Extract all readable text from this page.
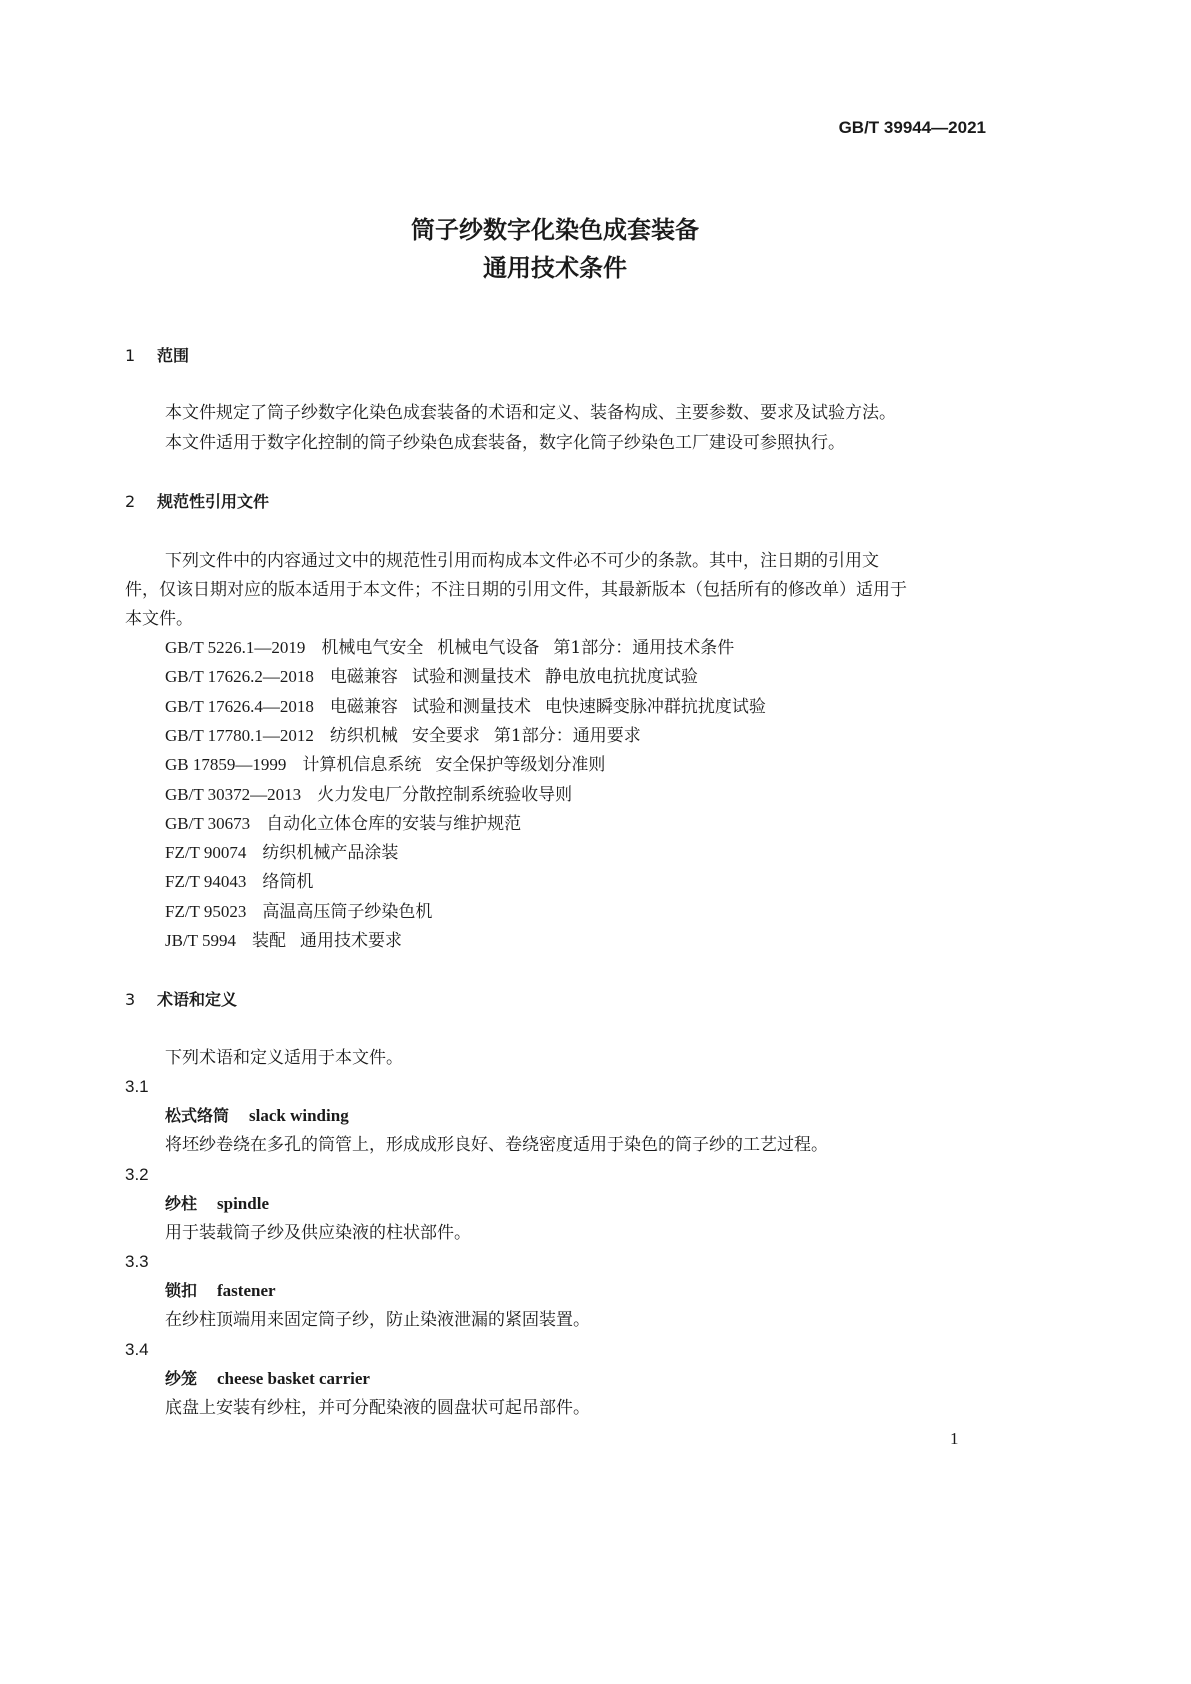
GB/T 39944—2021
筒子纱数字化染色成套装备
通用技术条件
1 范围
本文件规定了筒子纱数字化染色成套装备的术语和定义、装备构成、主要参数、要求及试验方法。
本文件适用于数字化控制的筒子纱染色成套装备，数字化筒子纱染色工厂建设可参照执行。
2 规范性引用文件
下列文件中的内容通过文中的规范性引用而构成本文件必不可少的条款。其中，注日期的引用文
件，仅该日期对应的版本适用于本文件；不注日期的引用文件，其最新版本（包括所有的修改单）适用于
本文件。
GB/T 5226.1—2019 机械电气安全 机械电气设备 第1部分：通用技术条件
GB/T 17626.2—2018 电磁兼容 试验和测量技术 静电放电抗扰度试验
GB/T 17626.4—2018 电磁兼容 试验和测量技术 电快速瞬变脉冲群抗扰度试验
GB/T 17780.1—2012 纺织机械 安全要求 第1部分：通用要求
GB 17859—1999 计算机信息系统 安全保护等级划分准则
GB/T 30372—2013 火力发电厂分散控制系统验收导则
GB/T 30673 自动化立体仓库的安装与维护规范
FZ/T 90074 纺织机械产品涂装
FZ/T 94043 络筒机
FZ/T 95023 高温高压筒子纱染色机
JB/T 5994 装配 通用技术要求
3 术语和定义
下列术语和定义适用于本文件。
3.1
松式络筒 slack winding
将坯纱卷绕在多孔的筒管上，形成成形良好、卷绕密度适用于染色的筒子纱的工艺过程。
3.2
纱柱 spindle
用于装载筒子纱及供应染液的柱状部件。
3.3
锁扣 fastener
在纱柱顶端用来固定筒子纱，防止染液泄漏的紧固装置。
3.4
纱笼 cheese basket carrier
底盘上安装有纱柱，并可分配染液的圆盘状可起吊部件。
1
